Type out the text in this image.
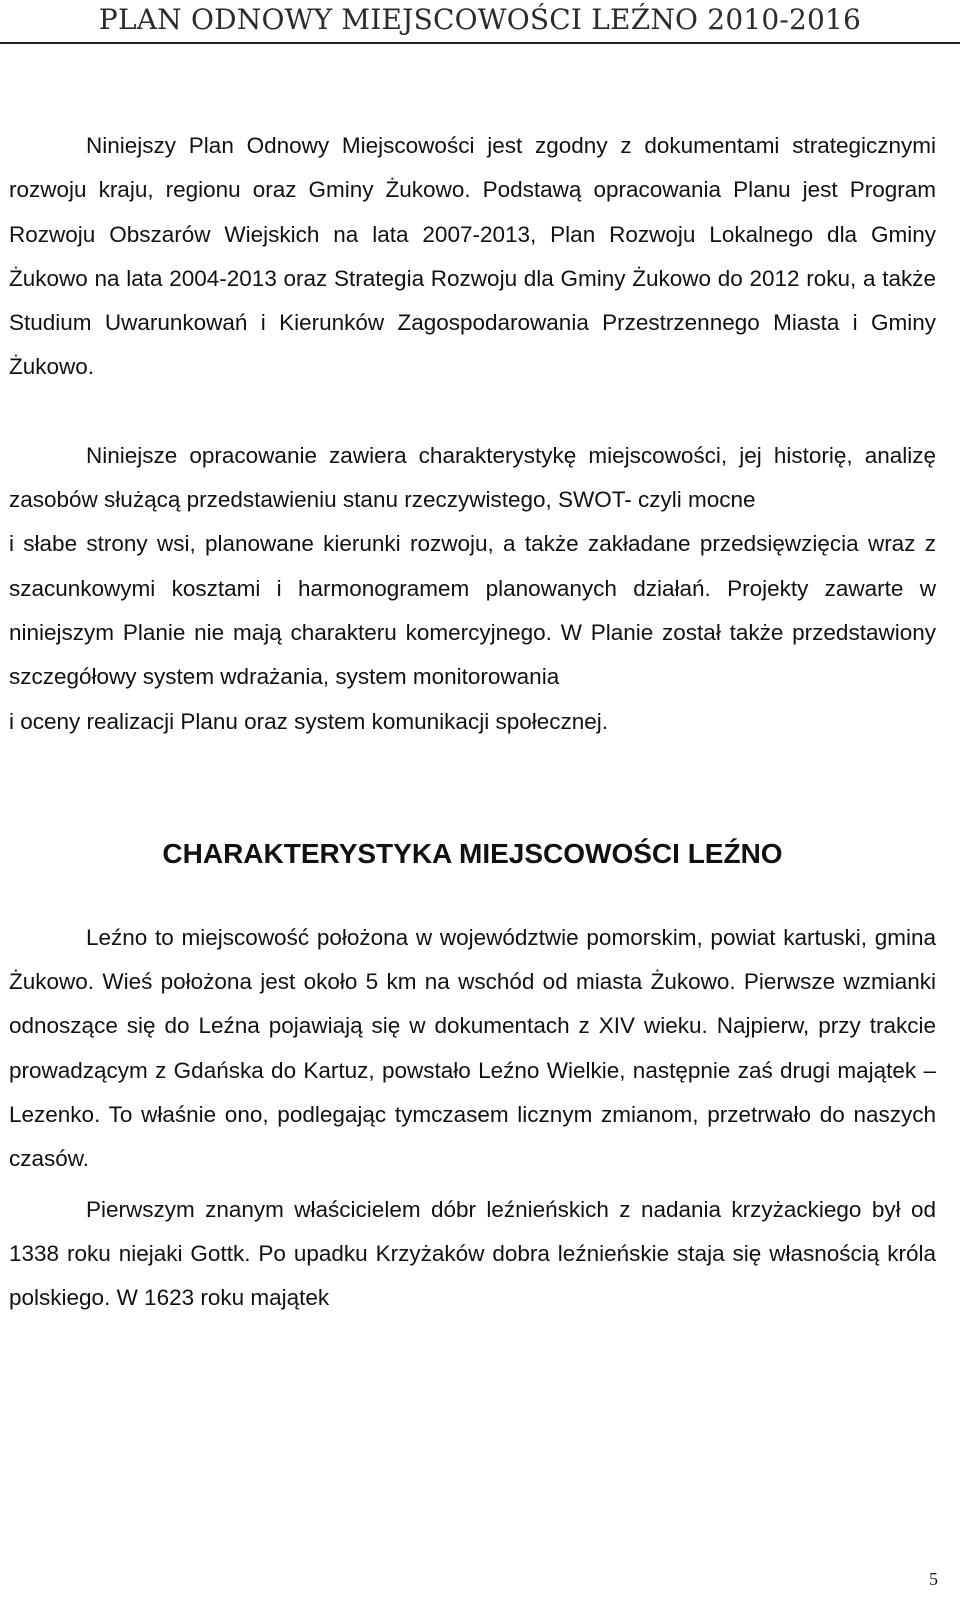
PLAN ODNOWY MIEJSCOWOŚCI LEŹNO 2010-2016

Niniejszy Plan Odnowy Miejscowości jest zgodny z dokumentami strategicznymi rozwoju kraju, regionu oraz Gminy Żukowo. Podstawą opracowania Planu jest Program Rozwoju Obszarów Wiejskich na lata 2007-2013, Plan Rozwoju Lokalnego dla Gminy Żukowo na lata 2004-2013 oraz Strategia Rozwoju dla Gminy Żukowo do 2012 roku, a także Studium Uwarunkowań i Kierunków Zagospodarowania Przestrzennego Miasta i Gminy Żukowo.

Niniejsze opracowanie zawiera charakterystykę miejscowości, jej historię, analizę zasobów służącą przedstawieniu stanu rzeczywistego, SWOT- czyli mocne

i słabe strony wsi, planowane kierunki rozwoju, a także zakładane przedsięwzięcia wraz z szacunkowymi kosztami i harmonogramem planowanych działań. Projekty zawarte w niniejszym Planie nie mają charakteru komercyjnego. W Planie został także przedstawiony szczegółowy system wdrażania, system monitorowania

i oceny realizacji Planu oraz system komunikacji społecznej.

CHARAKTERYSTYKA MIEJSCOWOŚCI LEŹNO

Leźno to miejscowość położona w województwie pomorskim, powiat kartuski, gmina Żukowo. Wieś położona jest około 5 km na wschód od miasta Żukowo. Pierwsze wzmianki odnoszące się do Leźna pojawiają się w dokumentach z XIV wieku. Najpierw, przy trakcie prowadzącym z Gdańska do Kartuz, powstało Leźno Wielkie, następnie zaś drugi majątek – Lezenko. To właśnie ono, podlegając tymczasem licznym zmianom, przetrwało do naszych czasów.

Pierwszym znanym właścicielem dóbr leźnieńskich z nadania krzyżackiego był od 1338 roku niejaki Gottk. Po upadku Krzyżaków dobra leźnieńskie staja się własnością króla polskiego. W 1623 roku majątek

5
